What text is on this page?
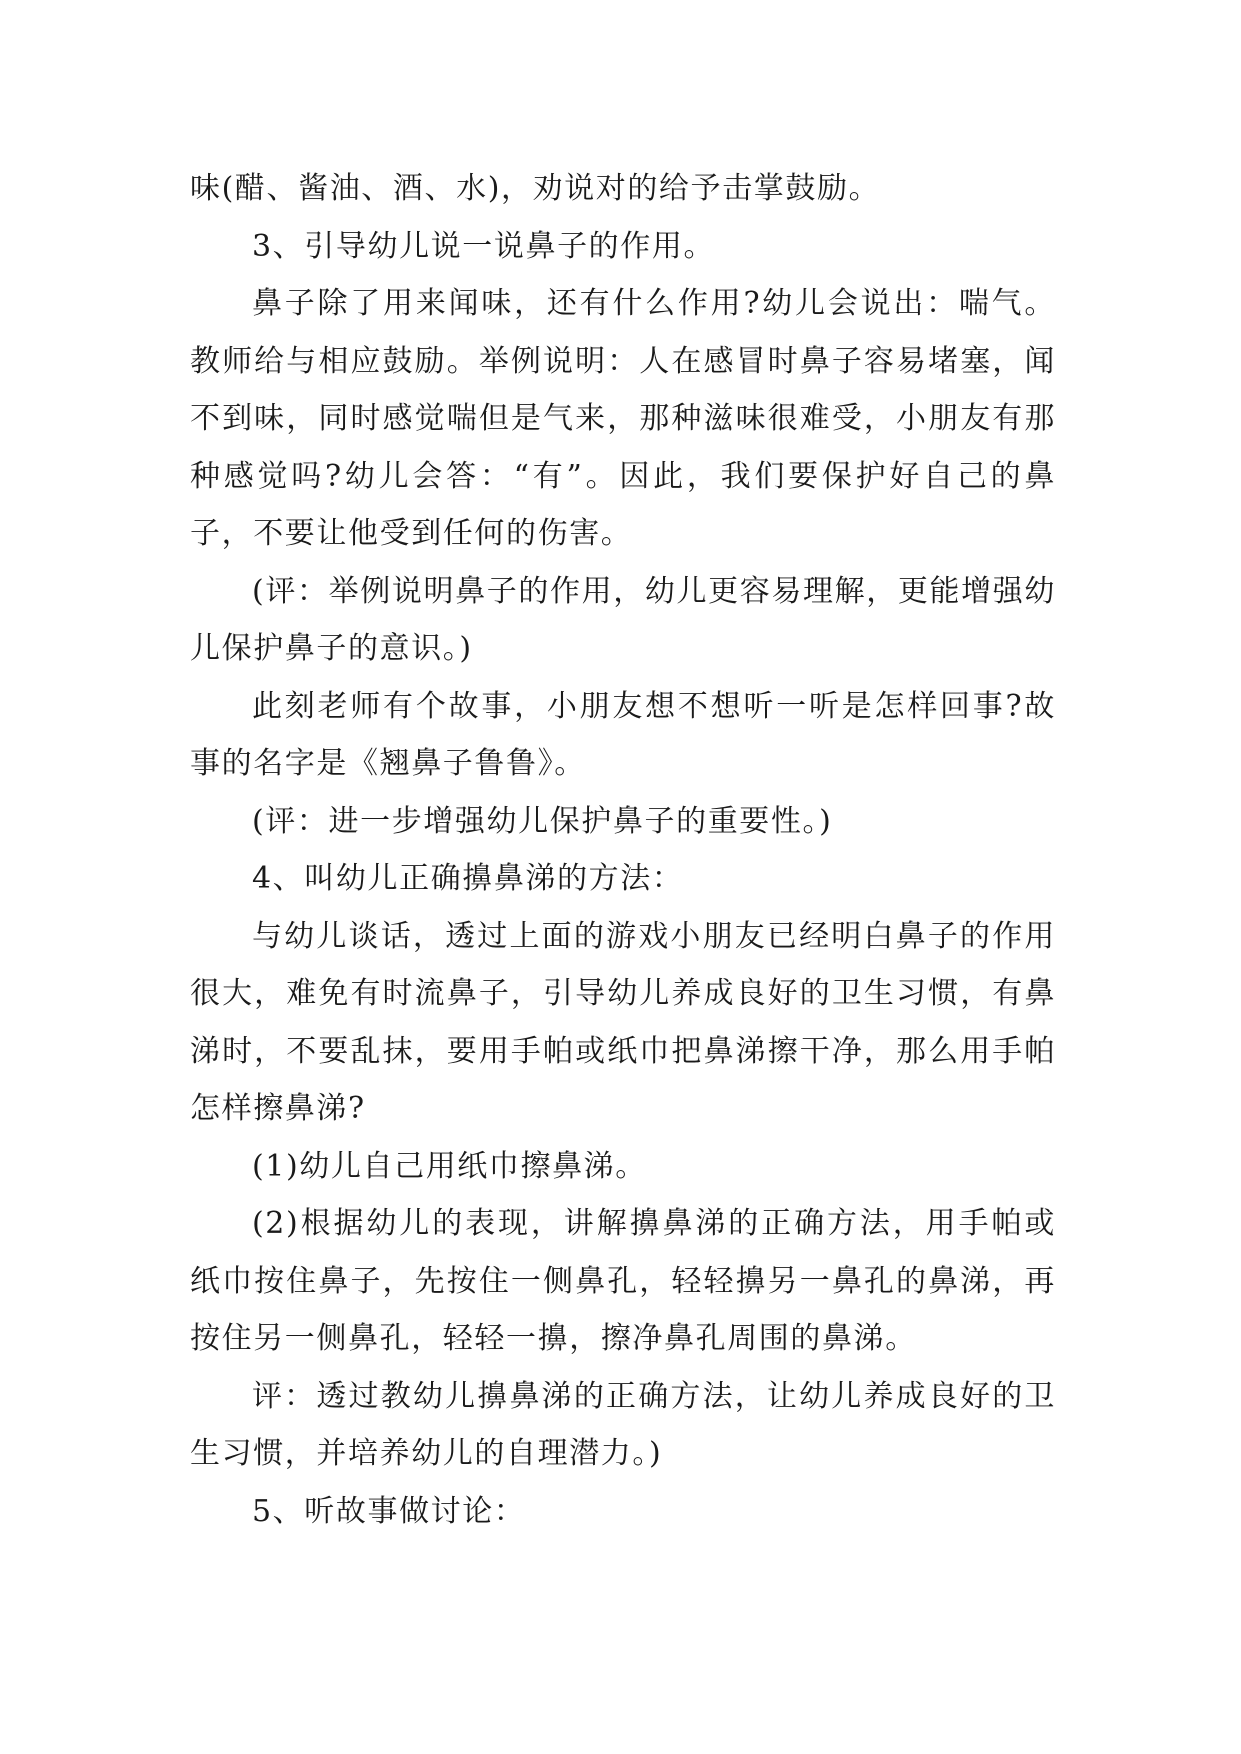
味(醋、酱油、酒、水)，劝说对的给予击掌鼓励。

3、引导幼儿说一说鼻子的作用。

鼻子除了用来闻味，还有什么作用?幼儿会说出：喘气。教师给与相应鼓励。举例说明：人在感冒时鼻子容易堵塞，闻不到味，同时感觉喘但是气来，那种滋味很难受，小朋友有那种感觉吗?幼儿会答：“有”。因此，我们要保护好自己的鼻子，不要让他受到任何的伤害。

(评：举例说明鼻子的作用，幼儿更容易理解，更能增强幼儿保护鼻子的意识。)

此刻老师有个故事，小朋友想不想听一听是怎样回事?故事的名字是《翘鼻子鲁鲁》。

(评：进一步增强幼儿保护鼻子的重要性。)

4、叫幼儿正确擤鼻涕的方法：

与幼儿谈话，透过上面的游戏小朋友已经明白鼻子的作用很大，难免有时流鼻子，引导幼儿养成良好的卫生习惯，有鼻涕时，不要乱抹，要用手帕或纸巾把鼻涕擦干净，那么用手帕怎样擦鼻涕?

(1)幼儿自己用纸巾擦鼻涕。

(2)根据幼儿的表现，讲解擤鼻涕的正确方法，用手帕或纸巾按住鼻子，先按住一侧鼻孔，轻轻擤另一鼻孔的鼻涕，再按住另一侧鼻孔，轻轻一擤，擦净鼻孔周围的鼻涕。

评：透过教幼儿擤鼻涕的正确方法，让幼儿养成良好的卫生习惯，并培养幼儿的自理潜力。)

5、听故事做讨论：
